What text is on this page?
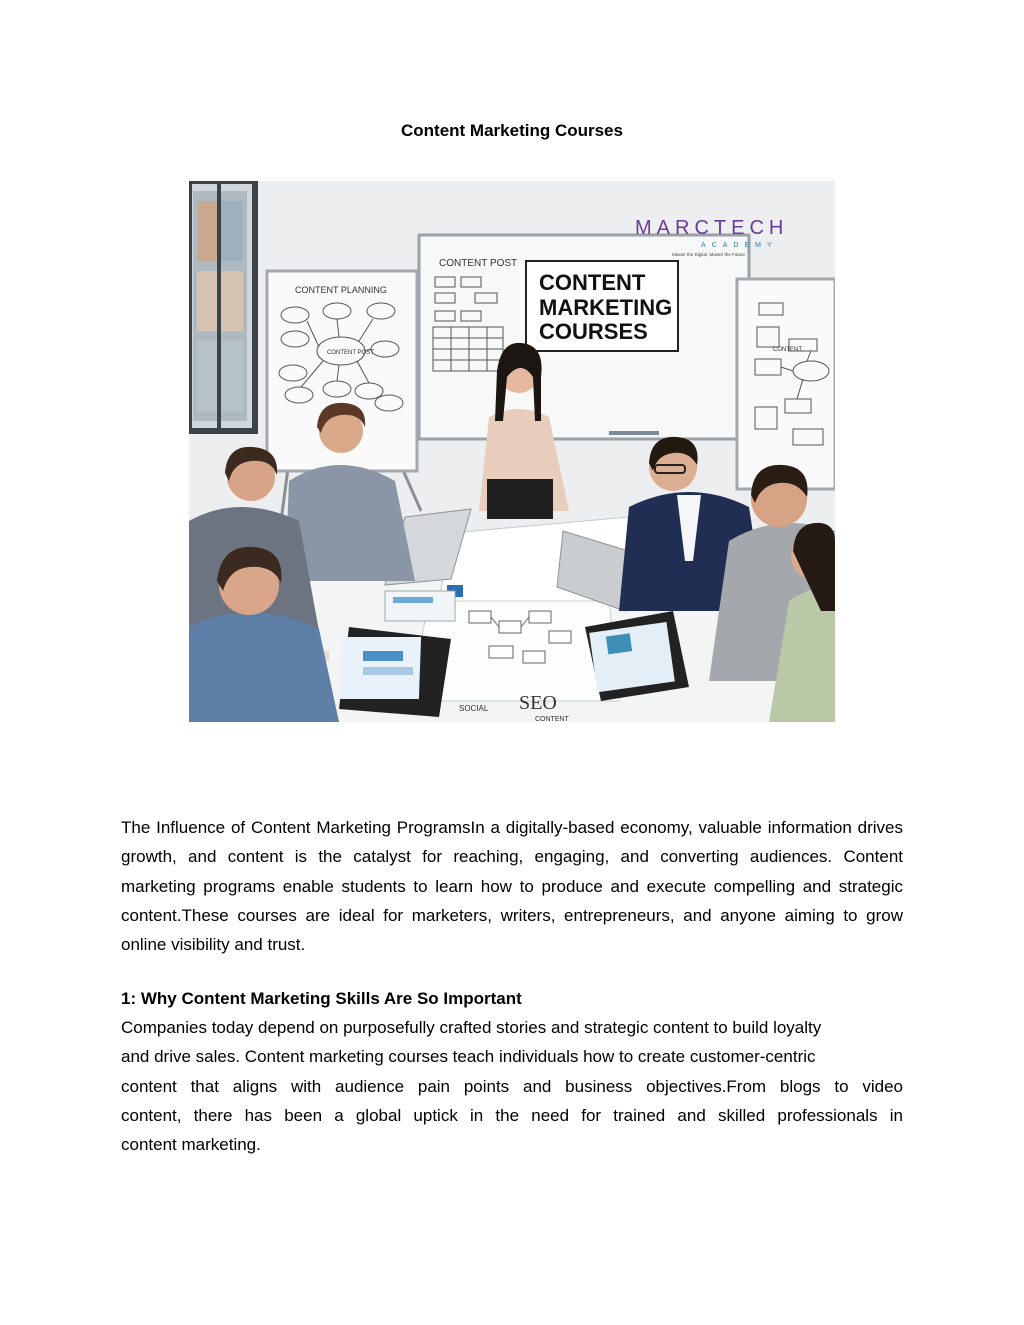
Content Marketing Courses
CONTENT POST
CONTENT
MARKETING
COURSES
MARCTECH
ACADEMY
Master the Digital, Master the Future
CONTENT PLANNING
CONTENT POST	CONTENT
SEO
SOCIAL
CONTENT

The Influence of Content Marketing ProgramsIn a digitally-based economy, valuable information drives growth, and content is the catalyst for reaching, engaging, and converting audiences. Content marketing programs enable students to learn how to produce and execute compelling and strategic content.These courses are ideal for marketers, writers, entrepreneurs, and anyone aiming to grow online visibility and trust.

1: Why Content Marketing Skills Are So Important

Companies today depend on purposefully crafted stories and strategic content to build loyalty
and drive sales. Content marketing courses teach individuals how to create customer-centric
content that aligns with audience pain points and business objectives.From blogs to video
content, there has been a global uptick in the need for trained and skilled professionals in
content marketing.
